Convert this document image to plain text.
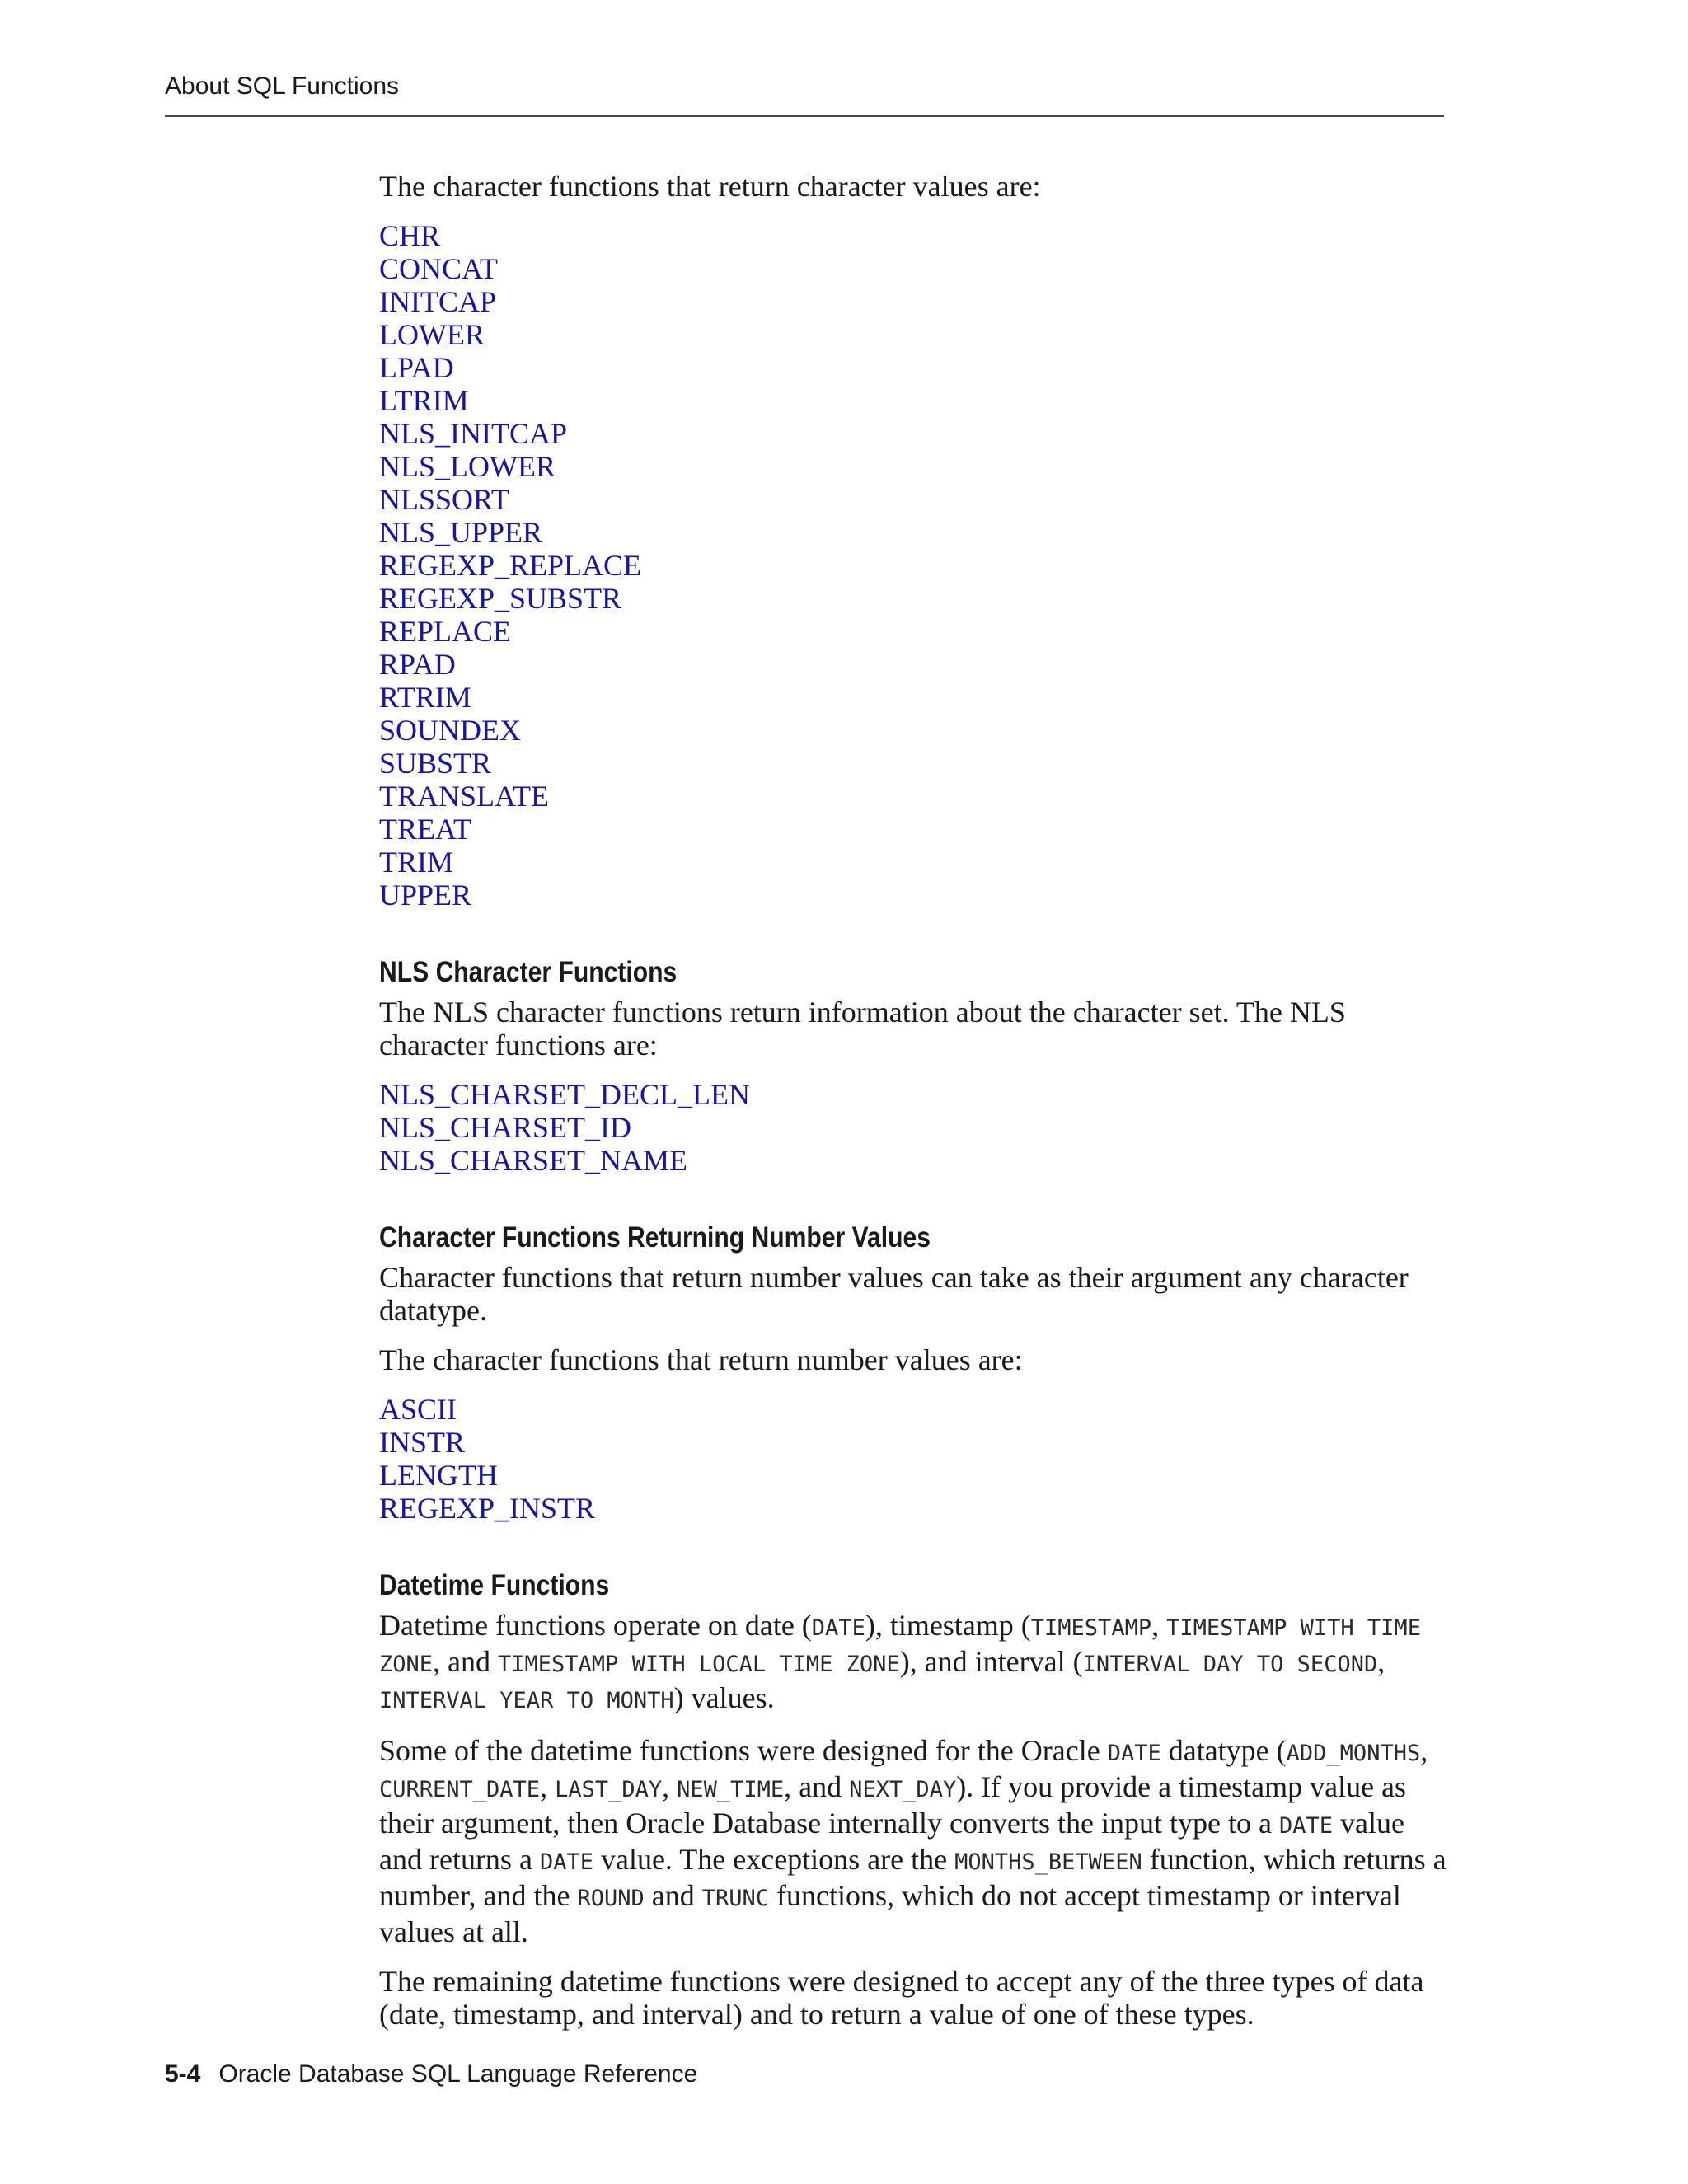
About SQL Functions

The character functions that return character values are:

CHR
CONCAT
INITCAP
LOWER
LPAD
LTRIM
NLS_INITCAP
NLS_LOWER
NLSSORT
NLS_UPPER
REGEXP_REPLACE
REGEXP_SUBSTR
REPLACE
RPAD
RTRIM
SOUNDEX
SUBSTR
TRANSLATE
TREAT
TRIM
UPPER
NLS Character Functions

The NLS character functions return information about the character set. The NLS character functions are:

NLS_CHARSET_DECL_LEN
NLS_CHARSET_ID
NLS_CHARSET_NAME
Character Functions Returning Number Values

Character functions that return number values can take as their argument any character datatype.

The character functions that return number values are:

ASCII
INSTR
LENGTH
REGEXP_INSTR
Datetime Functions

Datetime functions operate on date (DATE), timestamp (TIMESTAMP, TIMESTAMP WITH TIME ZONE, and TIMESTAMP WITH LOCAL TIME ZONE), and interval (INTERVAL DAY TO SECOND, INTERVAL YEAR TO MONTH) values.

Some of the datetime functions were designed for the Oracle DATE datatype (ADD_MONTHS, CURRENT_DATE, LAST_DAY, NEW_TIME, and NEXT_DAY). If you provide a timestamp value as their argument, then Oracle Database internally converts the input type to a DATE value and returns a DATE value. The exceptions are the MONTHS_BETWEEN function, which returns a number, and the ROUND and TRUNC functions, which do not accept timestamp or interval values at all.

The remaining datetime functions were designed to accept any of the three types of data (date, timestamp, and interval) and to return a value of one of these types.

5-4 Oracle Database SQL Language Reference
